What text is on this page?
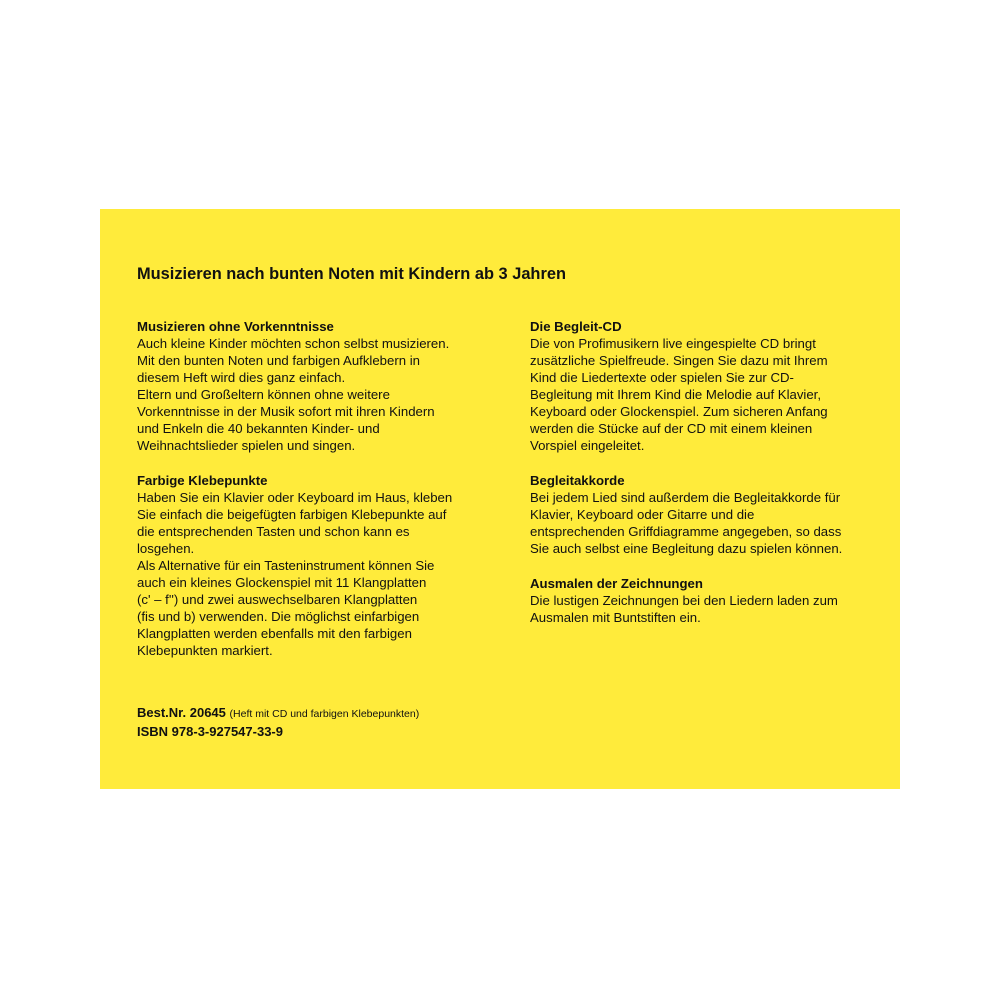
Musizieren nach bunten Noten mit Kindern ab 3 Jahren
Musizieren ohne Vorkenntnisse
Auch kleine Kinder möchten schon selbst musizieren.
Mit den bunten Noten und farbigen Aufklebern in
diesem Heft wird dies ganz einfach.
Eltern und Großeltern können ohne weitere
Vorkenntnisse in der Musik sofort mit ihren Kindern
und Enkeln die 40 bekannten Kinder- und
Weihnachtslieder spielen und singen.
Farbige Klebepunkte
Haben Sie ein Klavier oder Keyboard im Haus, kleben
Sie einfach die beigefügten farbigen Klebepunkte auf
die entsprechenden Tasten und schon kann es
losgehen.
Als Alternative für ein Tasteninstrument können Sie
auch ein kleines Glockenspiel mit 11 Klangplatten
(c' – f'') und zwei auswechselbaren Klangplatten
(fis und b) verwenden. Die möglichst einfarbigen
Klangplatten werden ebenfalls mit den farbigen
Klebepunkten markiert.
Die Begleit-CD
Die von Profimusikern live eingespielte CD bringt
zusätzliche Spielfreude. Singen Sie dazu mit Ihrem
Kind die Liedertexte oder spielen Sie zur CD-
Begleitung mit Ihrem Kind die Melodie auf Klavier,
Keyboard oder Glockenspiel. Zum sicheren Anfang
werden die Stücke auf der CD mit einem kleinen
Vorspiel eingeleitet.
Begleitakkorde
Bei jedem Lied sind außerdem die Begleitakkorde für
Klavier, Keyboard oder Gitarre und die
entsprechenden Griffdiagramme angegeben, so dass
Sie auch selbst eine Begleitung dazu spielen können.
Ausmalen der Zeichnungen
Die lustigen Zeichnungen bei den Liedern laden zum
Ausmalen mit Buntstiften ein.
Best.Nr. 20645 (Heft mit CD und farbigen Klebepunkten)
ISBN 978-3-927547-33-9
